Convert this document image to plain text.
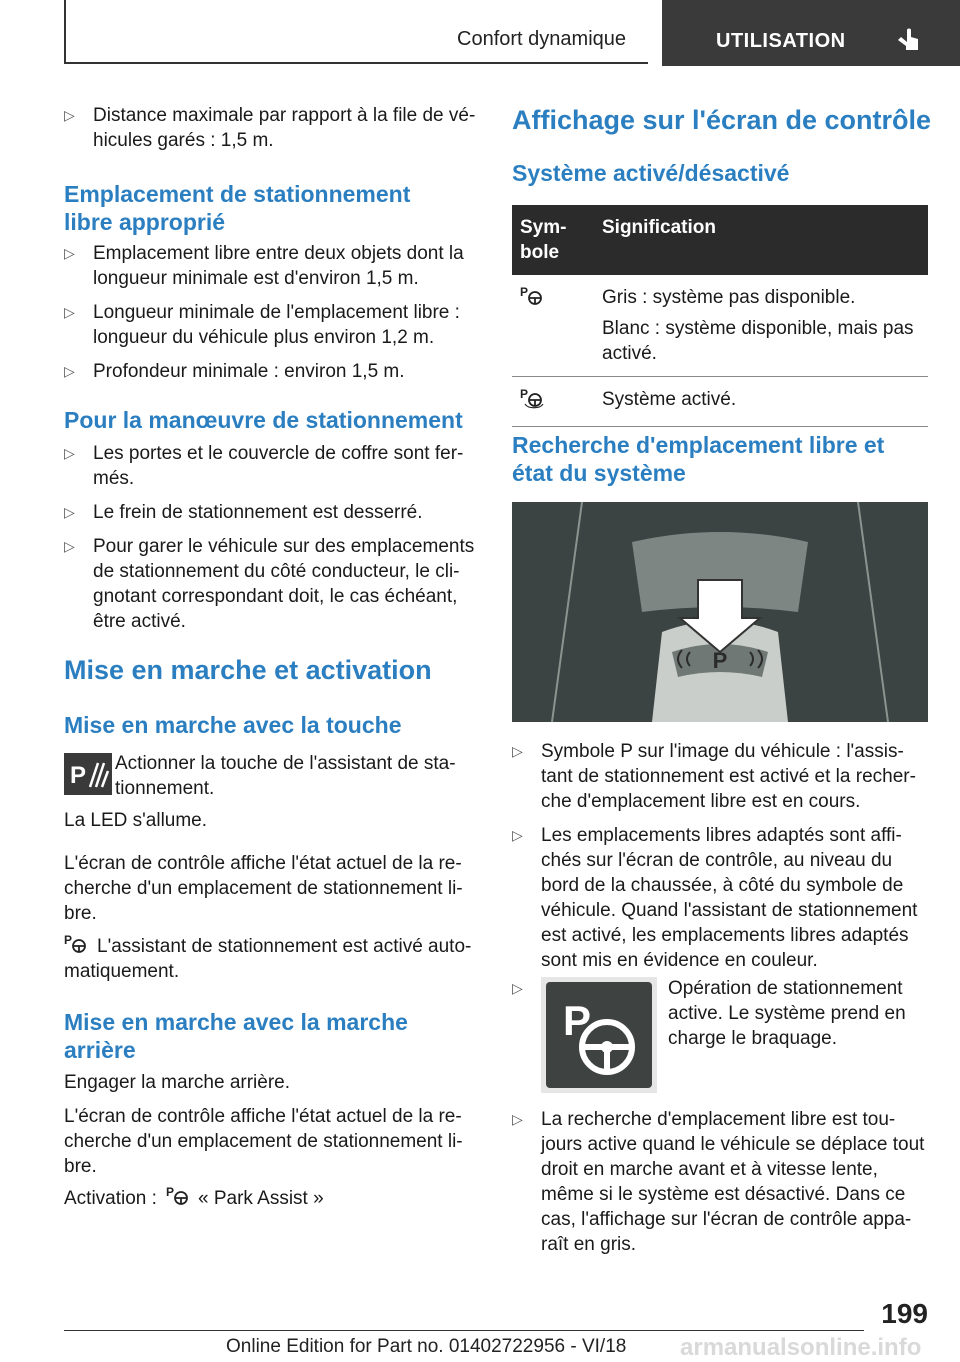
Confort dynamique	UTILISATION
▷ Distance maximale par rapport à la file de vé-
hicules garés : 1,5 m.
Emplacement de stationnement
libre approprié
▷ Emplacement libre entre deux objets dont la
longueur minimale est d'environ 1,5 m.
▷ Longueur minimale de l'emplacement libre :
longueur du véhicule plus environ 1,2 m.
▷ Profondeur minimale : environ 1,5 m.
Pour la manœuvre de stationnement
▷ Les portes et le couvercle de coffre sont fer-
més.
▷ Le frein de stationnement est desserré.
▷ Pour garer le véhicule sur des emplacements
de stationnement du côté conducteur, le cli-
gnotant correspondant doit, le cas échéant,
être activé.
Mise en marche et activation
Mise en marche avec la touche
P Actionner la touche de l'assistant de sta-
tionnement.
La LED s'allume.
L'écran de contrôle affiche l'état actuel de la re-
cherche d'un emplacement de stationnement li-
bre.
P L'assistant de stationnement est activé auto-
matiquement.
Mise en marche avec la marche
arrière
Engager la marche arrière.
L'écran de contrôle affiche l'état actuel de la re-
cherche d'un emplacement de stationnement li-
bre.
Activation : P « Park Assist »
Affichage sur l'écran de contrôle
Système activé/désactivé
Sym-
bole	Signification

P	Gris : système pas disponible.
Blanc : système disponible, mais pas
activé.

P	Système activé.
Recherche d'emplacement libre et
état du système
P
▷ Symbole P sur l'image du véhicule : l'assis-
tant de stationnement est activé et la recher-
che d'emplacement libre est en cours.
▷ Les emplacements libres adaptés sont affi-
chés sur l'écran de contrôle, au niveau du
bord de la chaussée, à côté du symbole de
véhicule. Quand l'assistant de stationnement
est activé, les emplacements libres adaptés
sont mis en évidence en couleur.
▷
P
Opération de stationnement
active. Le système prend en
charge le braquage.
▷ La recherche d'emplacement libre est tou-
jours active quand le véhicule se déplace tout
droit en marche avant et à vitesse lente,
même si le système est désactivé. Dans ce
cas, l'affichage sur l'écran de contrôle appa-
raît en gris.
199
armanualsonline.info
Online Edition for Part no. 01402722956 - VI/18
